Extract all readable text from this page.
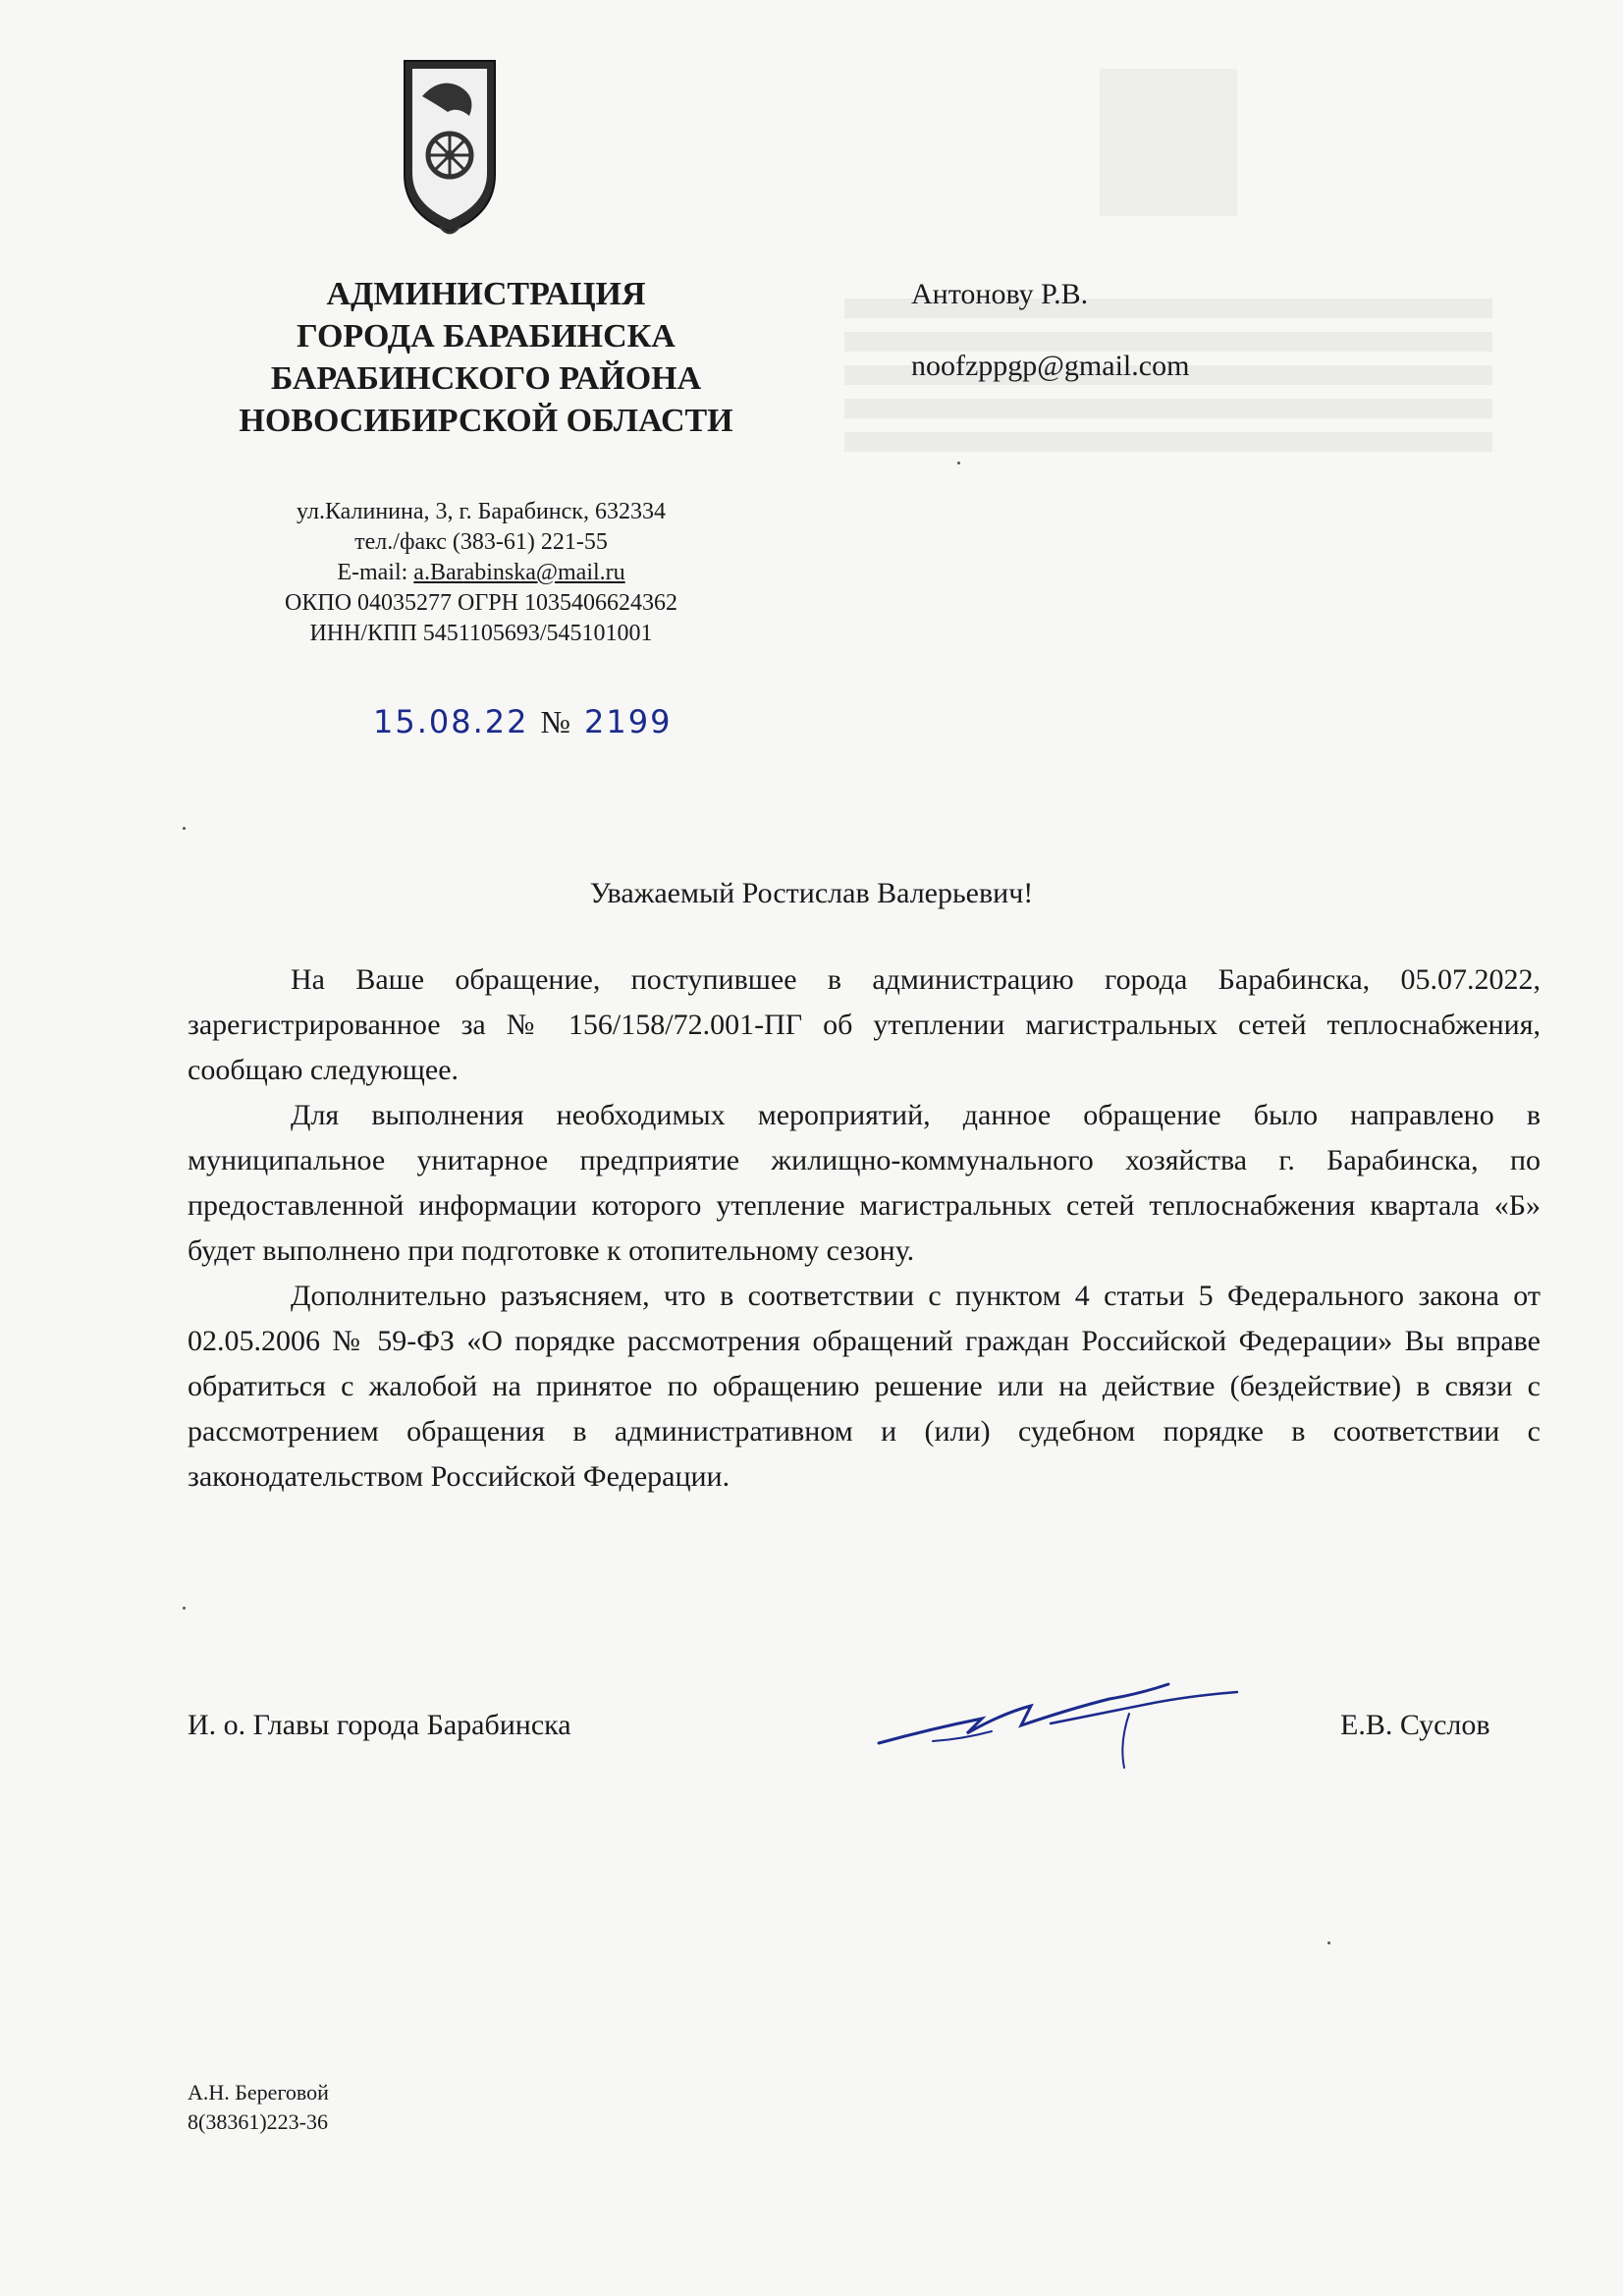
АДМИНИСТРАЦИЯ
ГОРОДА БАРАБИНСКА
БАРАБИНСКОГО РАЙОНА
НОВОСИБИРСКОЙ ОБЛАСТИ
ул.Калинина, 3, г. Барабинск, 632334
тел./факс (383-61) 221-55
E-mail: a.Barabinska@mail.ru
ОКПО 04035277 ОГРН 1035406624362
ИНН/КПП 5451105693/545101001
15.08.22 № 2199
Антонову Р.В.
noofzppgp@gmail.com
Уважаемый Ростислав Валерьевич!

На Ваше обращение, поступившее в администрацию города Барабинска, 05.07.2022, зарегистрированное за № 156/158/72.001-ПГ об утеплении магистральных сетей теплоснабжения, сообщаю следующее.

Для выполнения необходимых мероприятий, данное обращение было направлено в муниципальное унитарное предприятие жилищно-коммунального хозяйства г. Барабинска, по предоставленной информации которого утепление магистральных сетей теплоснабжения квартала «Б» будет выполнено при подготовке к отопительному сезону.

Дополнительно разъясняем, что в соответствии с пунктом 4 статьи 5 Федерального закона от 02.05.2006 № 59-ФЗ «О порядке рассмотрения обращений граждан Российской Федерации» Вы вправе обратиться с жалобой на принятое по обращению решение или на действие (бездействие) в связи с рассмотрением обращения в административном и (или) судебном порядке в соответствии с законодательством Российской Федерации.

И. о. Главы города Барабинска	Е.В. Суслов
А.Н. Береговой
8(38361)223-36
